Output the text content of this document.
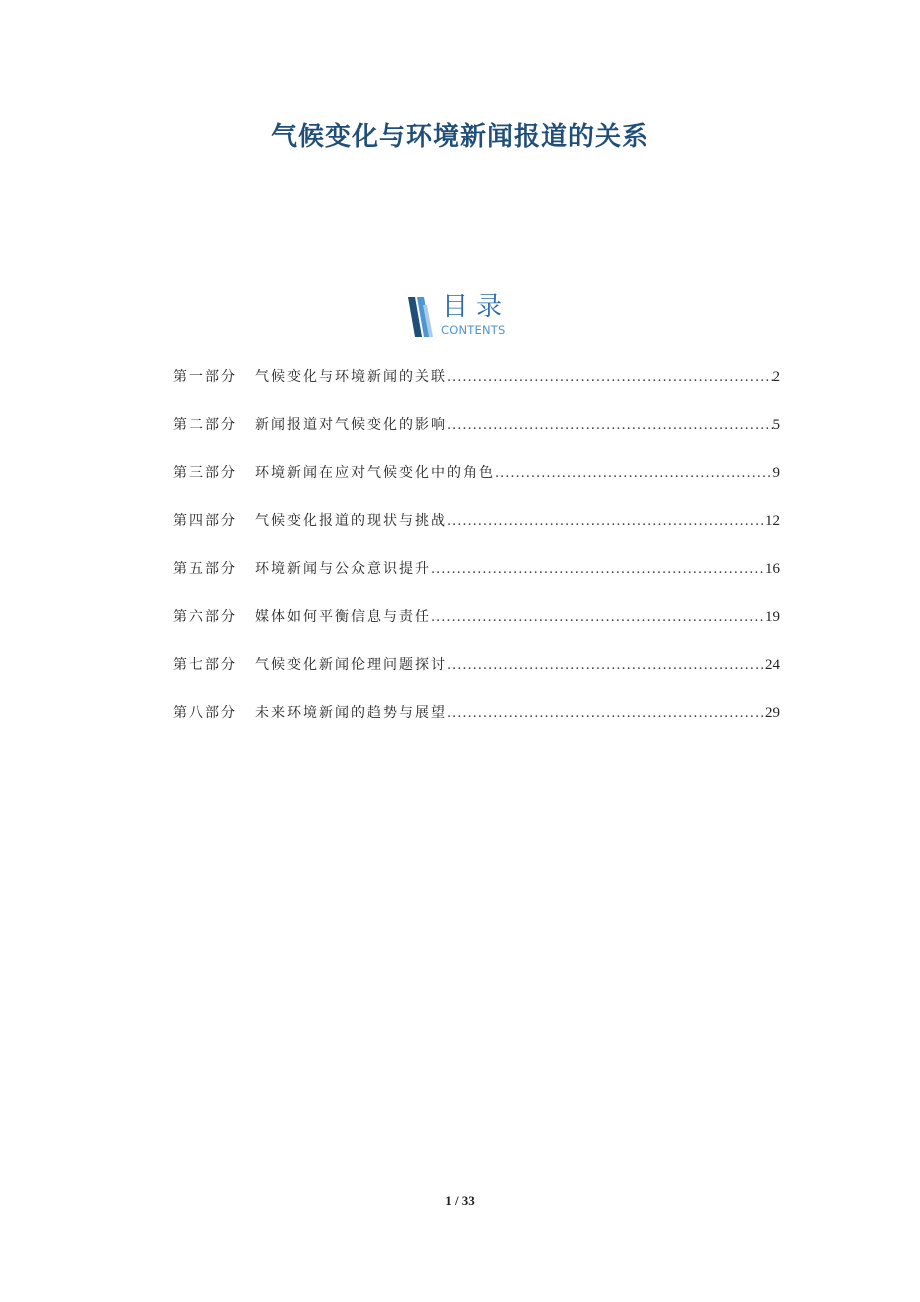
气候变化与环境新闻报道的关系
目录
CONTENTS
第一部分	气候变化与环境新闻的关联 .....	2
第二部分	新闻报道对气候变化的影响 .....	5
第三部分	环境新闻在应对气候变化中的角色 .....	9
第四部分	气候变化报道的现状与挑战 .....	12
第五部分	环境新闻与公众意识提升 .....	16
第六部分	媒体如何平衡信息与责任 .....	19
第七部分	气候变化新闻伦理问题探讨 .....	24
第八部分	未来环境新闻的趋势与展望 .....	29
1 / 33
